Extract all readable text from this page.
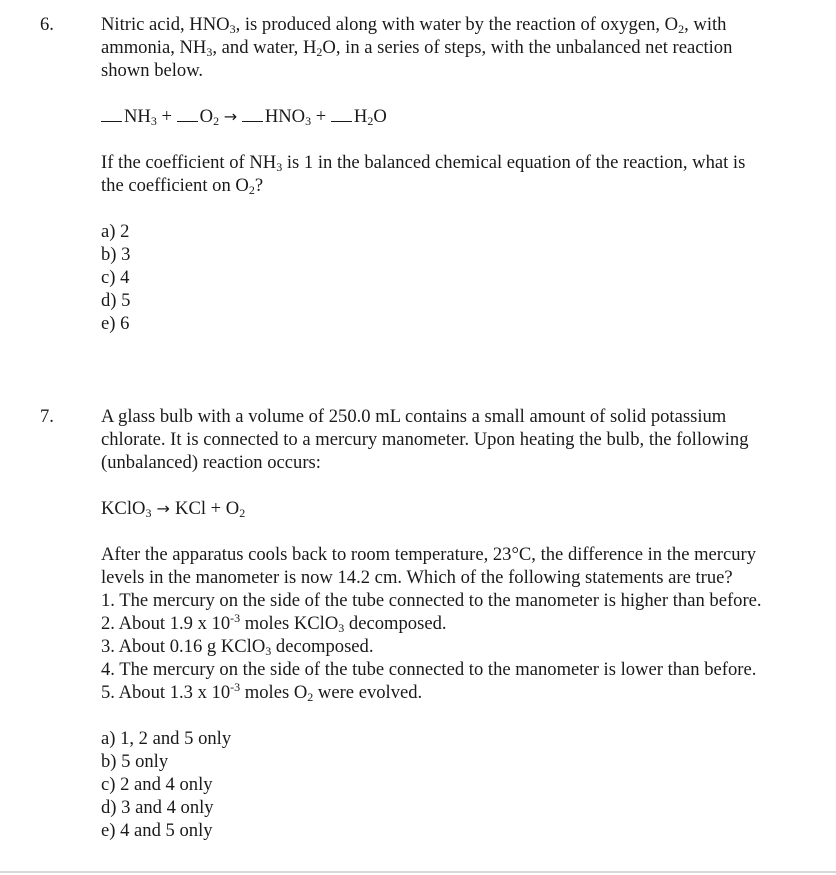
6.	Nitric acid, $HNO_3$, is produced along with water by the reaction of oxygen, $O_2$, with

ammonia, $NH_3$, and water, $H_2O$, in a series of steps, with the unbalanced net reaction

shown below.

$NH_3 + O_2 \to HNO_3 + H_2O$

If the coefficient of $NH_3$ is 1 in the balanced chemical equation of the reaction, what is

the coefficient on $O_2$?

a) 2

b) 3

c) 4

d) 5

e) 6

7.	A glass bulb with a volume of 250.0 mL contains a small amount of solid potassium

chlorate. It is connected to a mercury manometer. Upon heating the bulb, the following

(unbalanced) reaction occurs:

KClO$_3$ → KCl + $O_2$

After the apparatus cools back to room temperature, 23°C, the difference in the mercury

levels in the manometer is now 14.2 cm. Which of the following statements are true?

1. The mercury on the side of the tube connected to the manometer is higher than before.

2. About 1.9 x $10^{-3}$ moles KClO$_3$ decomposed.

3. About 0.16 g KClO$_3$ decomposed.

4. The mercury on the side of the tube connected to the manometer is lower than before.

5. About 1.3 x $10^{-3}$ moles $O_2$ were evolved.

a) 1, 2 and 5 only

b) 5 only

c) 2 and 4 only

d) 3 and 4 only

e) 4 and 5 only
